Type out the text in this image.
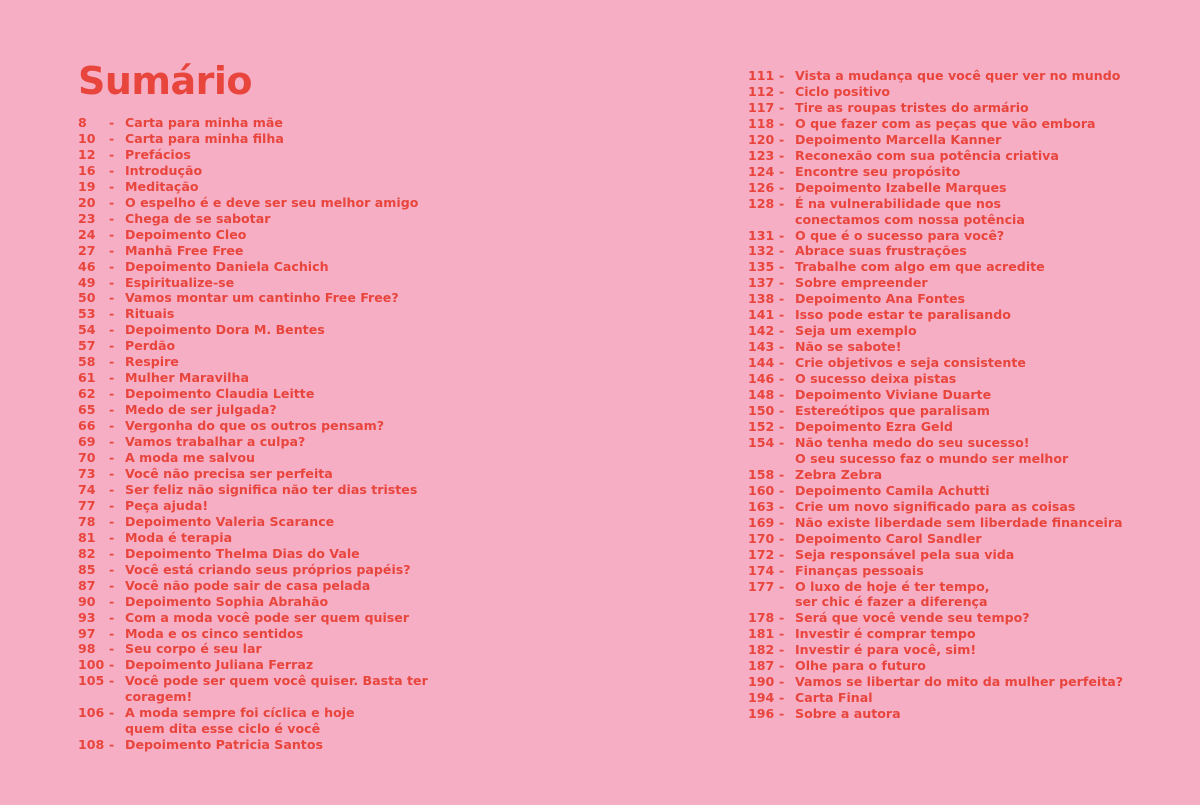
Sumário
8	- Carta para minha mãe
10	- Carta para minha filha
12	- Prefácios
16	- Introdução
19	- Meditação
20	- O espelho é e deve ser seu melhor amigo
23	- Chega de se sabotar
24	- Depoimento Cleo
27	- Manhã Free Free
46	- Depoimento Daniela Cachich
49	- Espiritualize-se
50	- Vamos montar um cantinho Free Free?
53	- Rituais
54	- Depoimento Dora M. Bentes
57	- Perdão
58	- Respire
61	- Mulher Maravilha
62	- Depoimento Claudia Leitte
65	- Medo de ser julgada?
66	- Vergonha do que os outros pensam?
69	- Vamos trabalhar a culpa?
70	- A moda me salvou
73	- Você não precisa ser perfeita
74	- Ser feliz não significa não ter dias tristes
77	- Peça ajuda!
78	- Depoimento Valeria Scarance
81	- Moda é terapia
82	- Depoimento Thelma Dias do Vale
85	- Você está criando seus próprios papéis?
87	- Você não pode sair de casa pelada
90	- Depoimento Sophia Abrahão
93	- Com a moda você pode ser quem quiser
97	- Moda e os cinco sentidos
98	- Seu corpo é seu lar
100 - Depoimento Juliana Ferraz
105 - Você pode ser quem você quiser. Basta ter coragem!
106 - A moda sempre foi cíclica e hoje
quem dita esse ciclo é você
108 - Depoimento Patricia Santos
111 - Vista a mudança que você quer ver no mundo
112 - Ciclo positivo
117 - Tire as roupas tristes do armário
118 - O que fazer com as peças que vão embora
120 - Depoimento Marcella Kanner
123 - Reconexão com sua potência criativa
124 - Encontre seu propósito
126 - Depoimento Izabelle Marques
128 - É na vulnerabilidade que nos
conectamos com nossa potência
131 - O que é o sucesso para você?
132 - Abrace suas frustrações
135 - Trabalhe com algo em que acredite
137 - Sobre empreender
138 - Depoimento Ana Fontes
141 - Isso pode estar te paralisando
142 - Seja um exemplo
143 - Não se sabote!
144 - Crie objetivos e seja consistente
146 - O sucesso deixa pistas
148 - Depoimento Viviane Duarte
150 - Estereótipos que paralisam
152 - Depoimento Ezra Geld
154 - Não tenha medo do seu sucesso!
O seu sucesso faz o mundo ser melhor
158 - Zebra Zebra
160 - Depoimento Camila Achutti
163 - Crie um novo significado para as coisas
169 - Não existe liberdade sem liberdade financeira
170 - Depoimento Carol Sandler
172 - Seja responsável pela sua vida
174 - Finanças pessoais
177 - O luxo de hoje é ter tempo,
ser chic é fazer a diferença
178 - Será que você vende seu tempo?
181 - Investir é comprar tempo
182 - Investir é para você, sim!
187 - Olhe para o futuro
190 - Vamos se libertar do mito da mulher perfeita?
194 - Carta Final
196 - Sobre a autora
